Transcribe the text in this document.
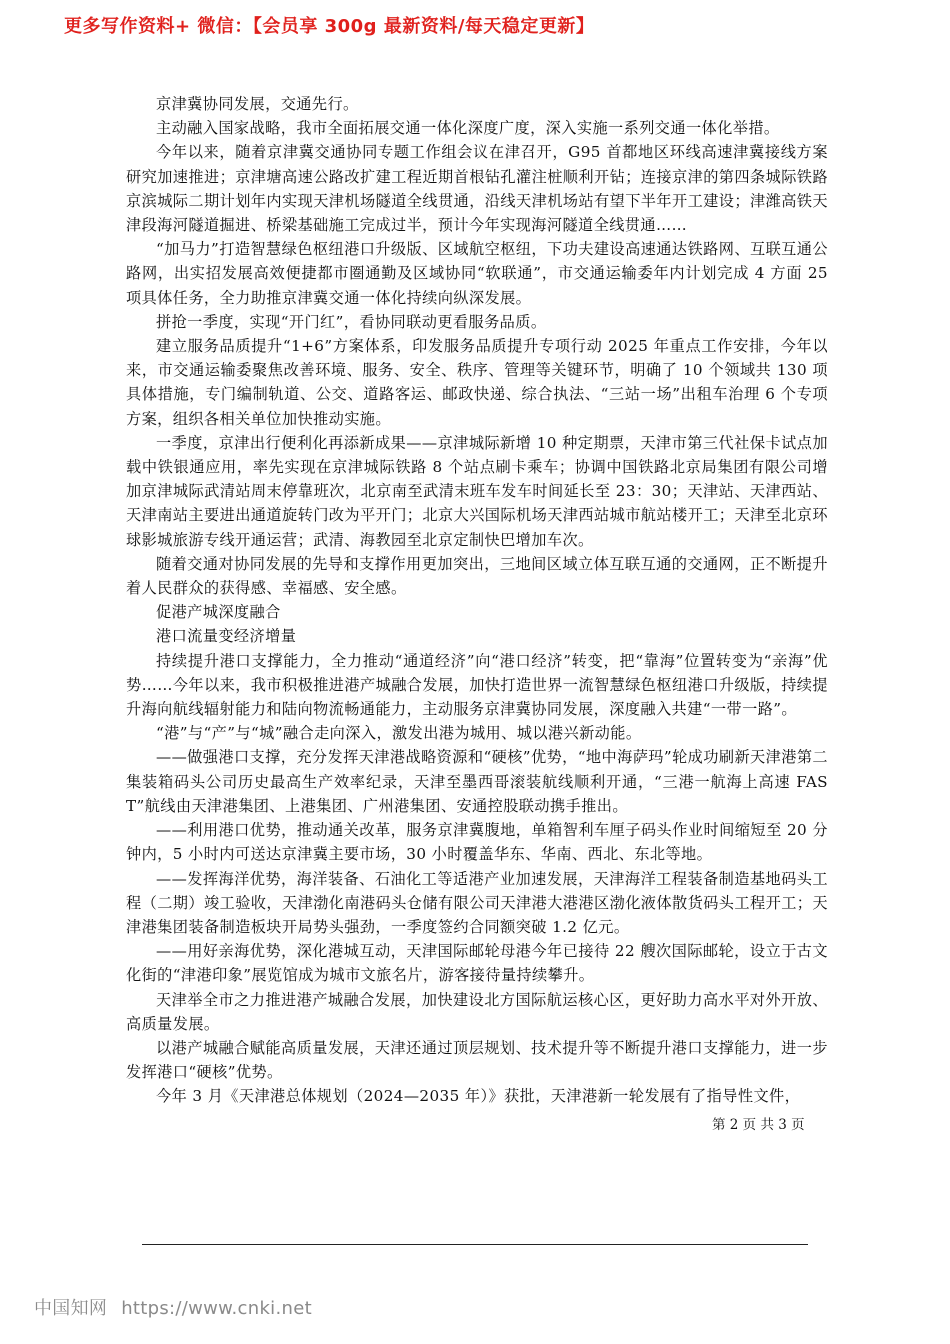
更多写作资料+ 微信：【会员享 300g 最新资料/每天稳定更新】

京津冀协同发展，交通先行。

主动融入国家战略，我市全面拓展交通一体化深度广度，深入实施一系列交通一体化举措。

今年以来，随着京津冀交通协同专题工作组会议在津召开，G95 首都地区环线高速津冀接线方案研究加速推进；京津塘高速公路改扩建工程近期首根钻孔灌注桩顺利开钻；连接京津的第四条城际铁路京滨城际二期计划年内实现天津机场隧道全线贯通，沿线天津机场站有望下半年开工建设；津潍高铁天津段海河隧道掘进、桥梁基础施工完成过半，预计今年实现海河隧道全线贯通……

“加马力”打造智慧绿色枢纽港口升级版、区域航空枢纽，下功夫建设高速通达铁路网、互联互通公路网，出实招发展高效便捷都市圈通勤及区域协同“软联通”，市交通运输委年内计划完成 4 方面 25 项具体任务，全力助推京津冀交通一体化持续向纵深发展。

拼抢一季度，实现“开门红”，看协同联动更看服务品质。

建立服务品质提升“1+6”方案体系，印发服务品质提升专项行动 2025 年重点工作安排，今年以来，市交通运输委聚焦改善环境、服务、安全、秩序、管理等关键环节，明确了 10 个领域共 130 项具体措施，专门编制轨道、公交、道路客运、邮政快递、综合执法、“三站一场”出租车治理 6 个专项方案，组织各相关单位加快推动实施。

一季度，京津出行便利化再添新成果——京津城际新增 10 种定期票，天津市第三代社保卡试点加载中铁银通应用，率先实现在京津城际铁路 8 个站点刷卡乘车；协调中国铁路北京局集团有限公司增加京津城际武清站周末停靠班次，北京南至武清末班车发车时间延长至 23：30；天津站、天津西站、天津南站主要进出通道旋转门改为平开门；北京大兴国际机场天津西站城市航站楼开工；天津至北京环球影城旅游专线开通运营；武清、海教园至北京定制快巴增加车次。

随着交通对协同发展的先导和支撑作用更加突出，三地间区域立体互联互通的交通网，正不断提升着人民群众的获得感、幸福感、安全感。

促港产城深度融合

港口流量变经济增量

持续提升港口支撑能力，全力推动“通道经济”向“港口经济”转变，把“靠海”位置转变为“亲海”优势……今年以来，我市积极推进港产城融合发展，加快打造世界一流智慧绿色枢纽港口升级版，持续提升海向航线辐射能力和陆向物流畅通能力，主动服务京津冀协同发展，深度融入共建“一带一路”。

“港”与“产”与“城”融合走向深入，激发出港为城用、城以港兴新动能。

——做强港口支撑，充分发挥天津港战略资源和“硬核”优势，“地中海萨玛”轮成功刷新天津港第二集装箱码头公司历史最高生产效率纪录，天津至墨西哥滚装航线顺利开通，“三港一航海上高速 FAST”航线由天津港集团、上港集团、广州港集团、安通控股联动携手推出。

——利用港口优势，推动通关改革，服务京津冀腹地，单箱智利车厘子码头作业时间缩短至 20 分钟内，5 小时内可送达京津冀主要市场，30 小时覆盖华东、华南、西北、东北等地。

——发挥海洋优势，海洋装备、石油化工等适港产业加速发展，天津海洋工程装备制造基地码头工程（二期）竣工验收，天津渤化南港码头仓储有限公司天津港大港港区渤化液体散货码头工程开工；天津港集团装备制造板块开局势头强劲，一季度签约合同额突破 1.2 亿元。

——用好亲海优势，深化港城互动，天津国际邮轮母港今年已接待 22 艘次国际邮轮，设立于古文化街的“津港印象”展览馆成为城市文旅名片，游客接待量持续攀升。

天津举全市之力推进港产城融合发展，加快建设北方国际航运核心区，更好助力高水平对外开放、高质量发展。

以港产城融合赋能高质量发展，天津还通过顶层规划、技术提升等不断提升港口支撑能力，进一步发挥港口“硬核”优势。

今年 3 月《天津港总体规划（2024—2035 年）》获批，天津港新一轮发展有了指导性文件，

第 2 页 共 3 页
中国知网 https://www.cnki.net
